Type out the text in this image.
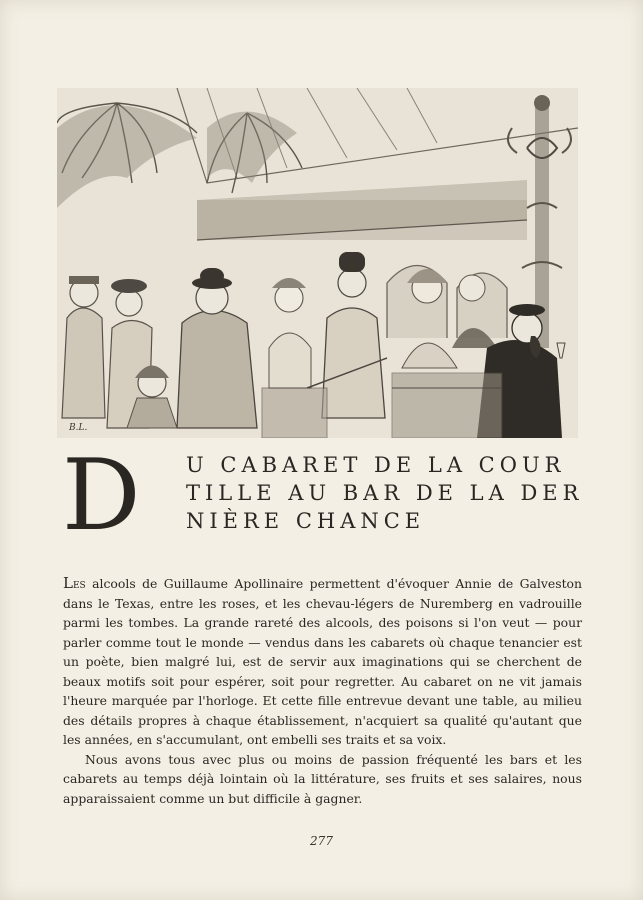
B.L.
D U CABARET DE LA COUR
TILLE AU BAR DE LA DER
NIÈRE CHANCE

Les alcools de Guillaume Apollinaire permettent d'évoquer Annie de Galveston dans le Texas, entre les roses, et les chevau-légers de Nuremberg en vadrouille parmi les tombes. La grande rareté des alcools, des poisons si l'on veut — pour parler comme tout le monde — vendus dans les cabarets où chaque tenancier est un poète, bien malgré lui, est de servir aux imaginations qui se cherchent de beaux motifs soit pour espérer, soit pour regretter. Au cabaret on ne vit jamais l'heure marquée par l'horloge. Et cette fille entrevue devant une table, au milieu des détails propres à chaque établissement, n'acquiert sa qualité qu'autant que les années, en s'accumulant, ont embelli ses traits et sa voix.

Nous avons tous avec plus ou moins de passion fréquenté les bars et les cabarets au temps déjà lointain où la littérature, ses fruits et ses salaires, nous apparaissaient comme un but difficile à gagner.

277
